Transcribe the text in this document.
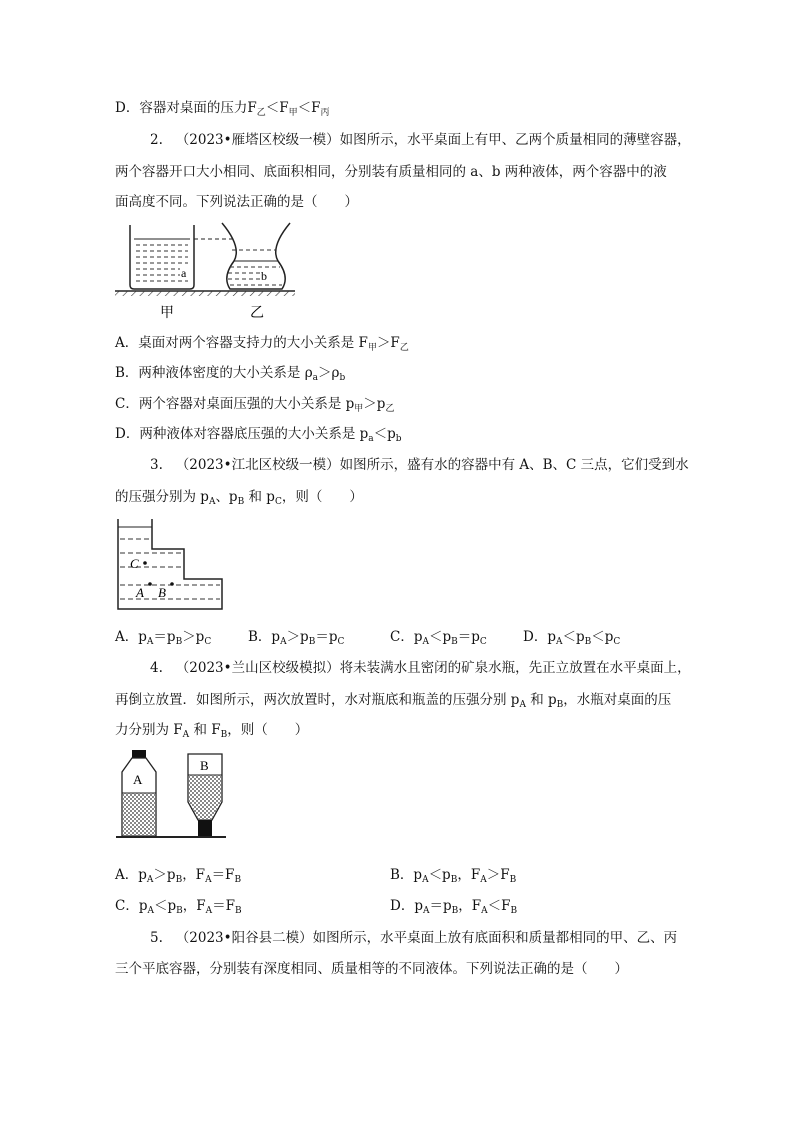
D．容器对桌面的压力$F_乙<F_甲<F_丙$
2. （2023•雁塔区校级一模）如图所示，水平桌面上有甲、乙两个质量相同的薄壁容器，
两个容器开口大小相同、底面积相同，分别装有质量相同的 a、b 两种液体，两个容器中的液
面高度不同。下列说法正确的是（　　）
a	b
甲	乙
A．桌面对两个容器支持力的大小关系是 $F_甲>F_乙$
B．两种液体密度的大小关系是 $\rho_a>\rho_b$
C．两个容器对桌面压强的大小关系是 $p_甲>p_乙$
D．两种液体对容器底压强的大小关系是 $p_a<p_b$
3. （2023•江北区校级一模）如图所示，盛有水的容器中有 A、B、C 三点，它们受到水
的压强分别为 $p_A$、$p_B$ 和 $p_C$，则（　　）
C
A B
A．$p_A=p_B>p_C$	B．$p_A>p_B=p_C$	C．$p_A<p_B=p_C$	D．$p_A<p_B<p_C$
4. （2023•兰山区校级模拟）将未装满水且密闭的矿泉水瓶，先正立放置在水平桌面上，
再倒立放置．如图所示，两次放置时，水对瓶底和瓶盖的压强分别 $p_A$ 和 $p_B$，水瓶对桌面的压
力分别为 $F_A$ 和 $F_B$，则（　　）
A
B
A．$p_A>p_B$，$F_A=F_B$	B．$p_A<p_B$，$F_A>F_B$
C．$p_A<p_B$，$F_A=F_B$	D．$p_A=p_B$，$F_A<F_B$
5. （2023•阳谷县二模）如图所示，水平桌面上放有底面积和质量都相同的甲、乙、丙
三个平底容器，分别装有深度相同、质量相等的不同液体。下列说法正确的是（　　）
